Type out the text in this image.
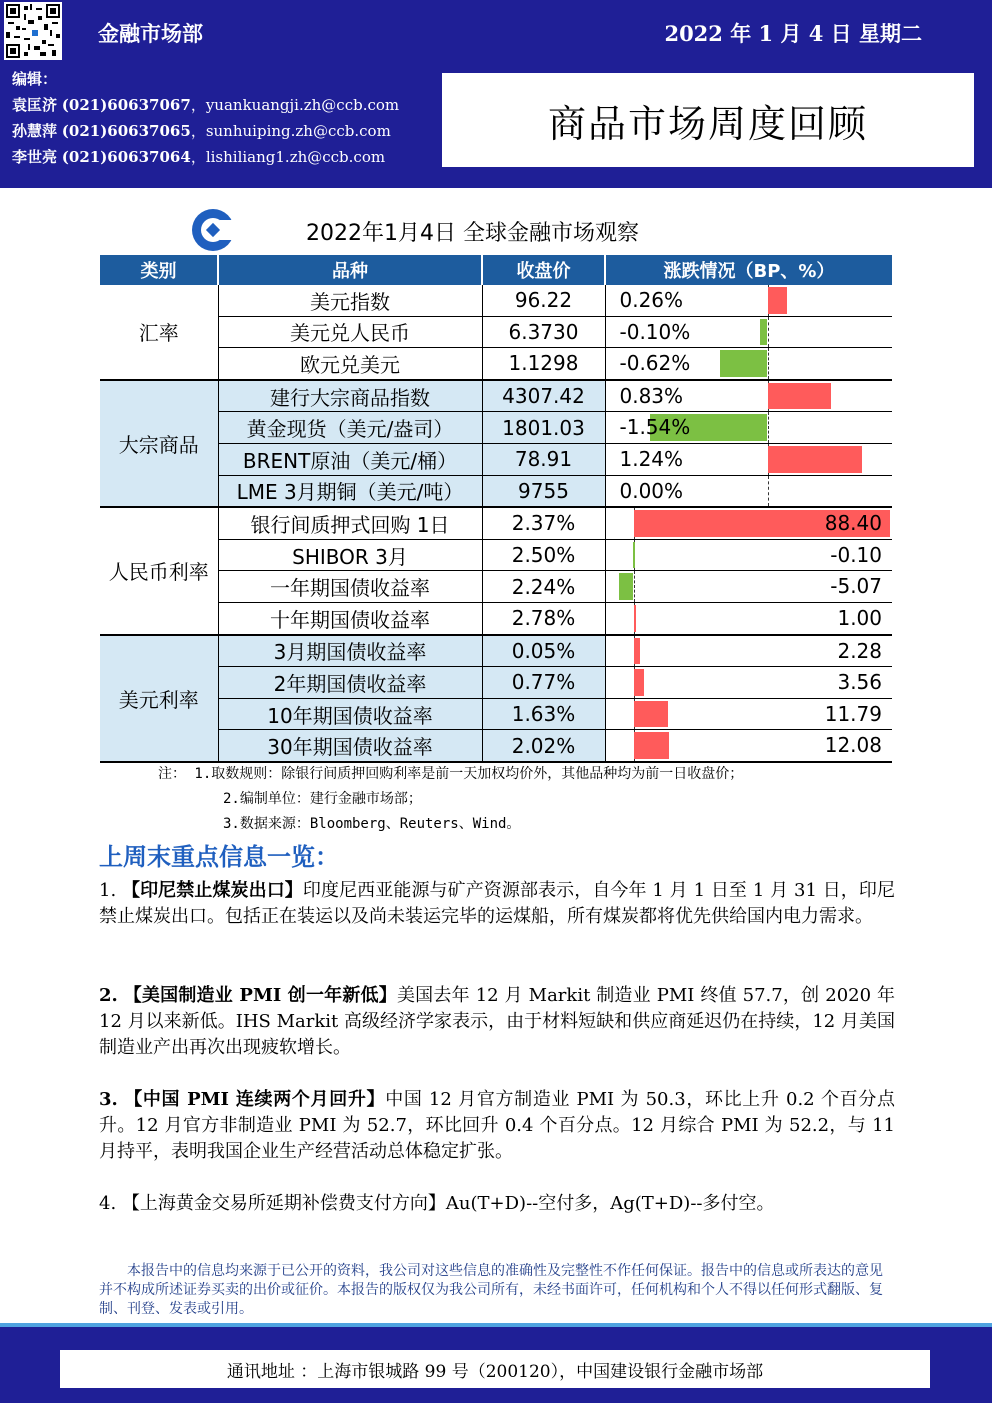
金融市场部	2022 年 1 月 4 日 星期二
编辑：
袁匡济 (021)60637067，yuankuangji.zh@ccb.com
孙慧萍 (021)60637065，sunhuiping.zh@ccb.com
李世亮 (021)60637064，lishiliang1.zh@ccb.com
商品市场周度回顾
2022年1月4日 全球金融市场观察
类别	品种	收盘价	涨跌情况（BP、%）
汇率	美元指数	96.22	0.26%

	美元兑人民币	6.3730	-0.10%

	欧元兑美元	1.1298	-0.62%

大宗商品	建行大宗商品指数	4307.42	0.83%

	黄金现货（美元/盎司）	1801.03	-1.54%

	BRENT原油（美元/桶）	78.91	1.24%

	LME 3月期铜（美元/吨）	9755	0.00%

人民币利率	银行间质押式回购 1日	2.37%	88.40

	SHIBOR 3月	2.50%	-0.10

	一年期国债收益率	2.24%	-5.07

	十年期国债收益率	2.78%	1.00

美元利率	3月期国债收益率	0.05%	2.28

	2年期国债收益率	0.77%	3.56

	10年期国债收益率	1.63%	11.79

	30年期国债收益率	2.02%	12.08
注： 1.取数规则：除银行间质押回购利率是前一天加权均价外，其他品种均为前一日收盘价；
2.编制单位：建行金融市场部；
3.数据来源：Bloomberg、Reuters、Wind。
上周末重点信息一览：
1. 【印尼禁止煤炭出口】印度尼西亚能源与矿产资源部表示，自今年 1 月 1 日至 1 月 31 日，印尼禁止煤炭出口。包括正在装运以及尚未装运完毕的运煤船，所有煤炭都将优先供给国内电力需求。
2. 【美国制造业 PMI 创一年新低】美国去年 12 月 Markit 制造业 PMI 终值 57.7，创 2020 年 12 月以来新低。IHS Markit 高级经济学家表示，由于材料短缺和供应商延迟仍在持续，12 月美国制造业产出再次出现疲软增长。
3. 【中国 PMI 连续两个月回升】中国 12 月官方制造业 PMI 为 50.3，环比上升 0.2 个百分点升。12 月官方非制造业 PMI 为 52.7，环比回升 0.4 个百分点。12 月综合 PMI 为 52.2，与 11 月持平，表明我国企业生产经营活动总体稳定扩张。
4. 【上海黄金交易所延期补偿费支付方向】Au(T+D)--空付多，Ag(T+D)--多付空。
本报告中的信息均来源于已公开的资料，我公司对这些信息的准确性及完整性不作任何保证。报告中的信息或所表达的意见并不构成所述证券买卖的出价或征价。本报告的版权仅为我公司所有，未经书面许可，任何机构和个人不得以任何形式翻版、复制、刊登、发表或引用。
通讯地址 ：上海市银城路 99 号（200120），中国建设银行金融市场部
